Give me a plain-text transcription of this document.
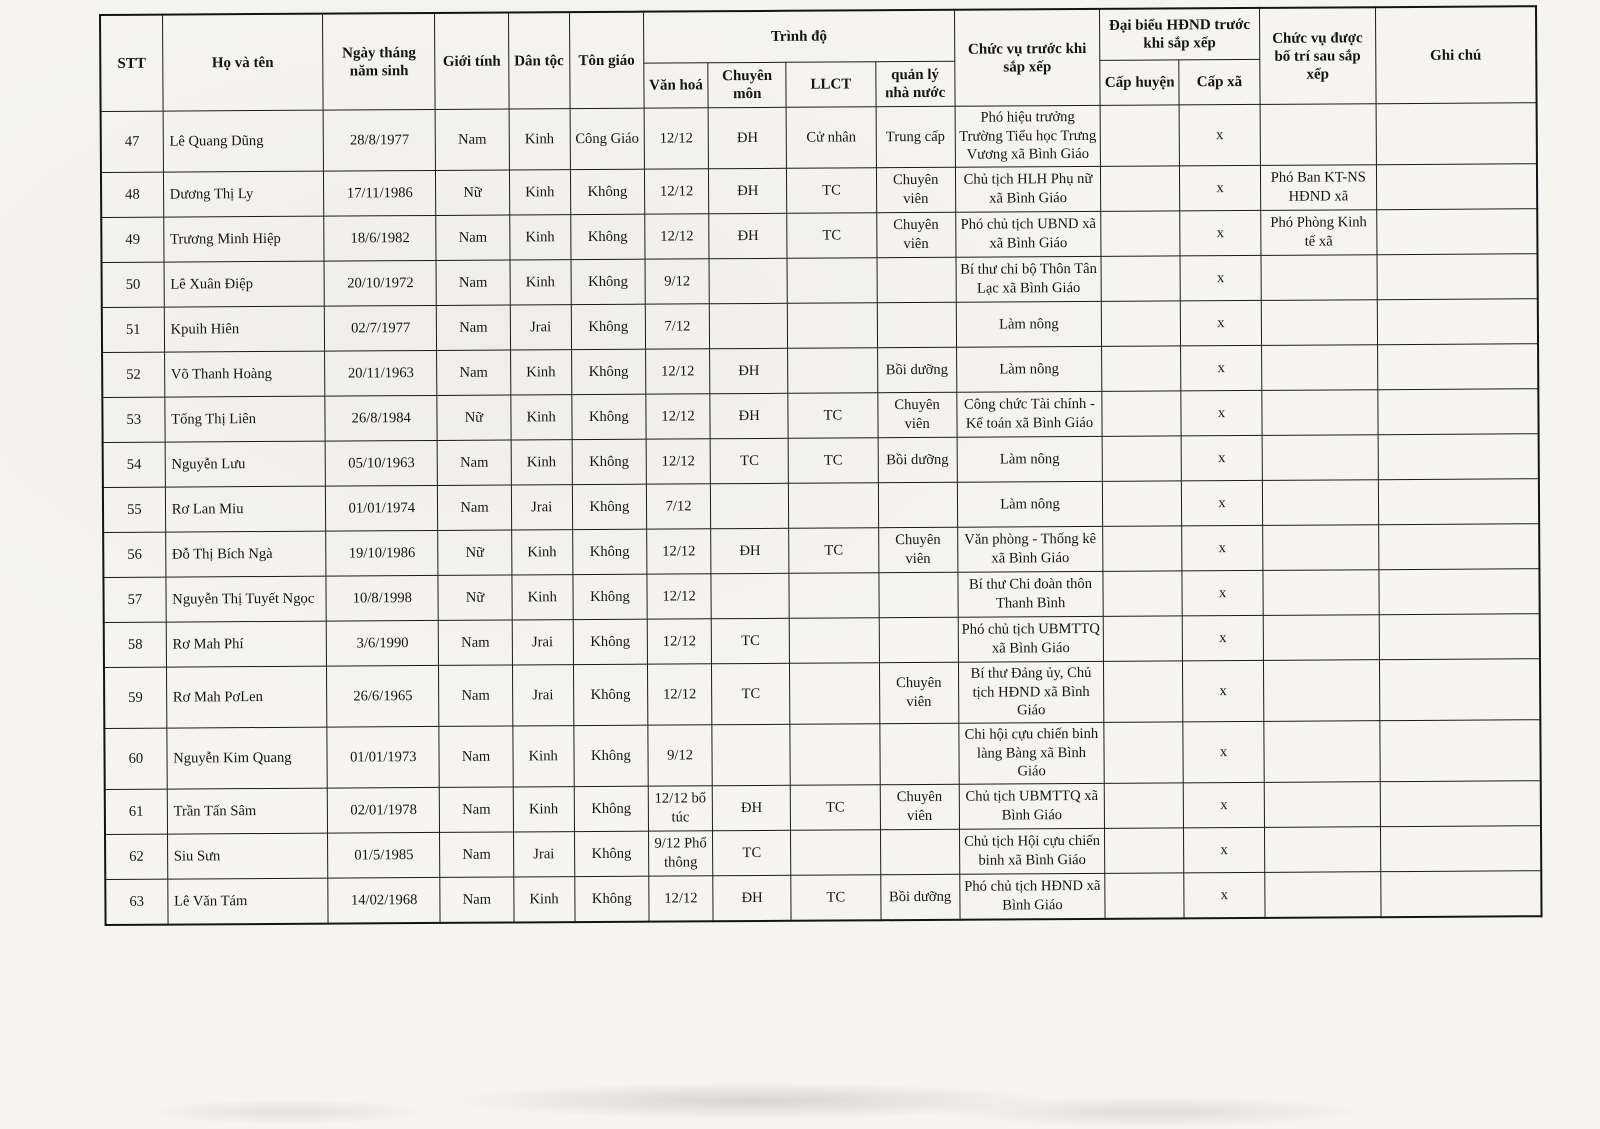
STT	Họ và tên	Ngày tháng năm sinh	Giới tính	Dân tộc	Tôn giáo	Trình độ				Chức vụ trước khi sắp xếp	Đại biểu HĐND trước khi sắp xếp		Chức vụ được bố trí sau sắp xếp	Ghi chú
						Văn hoá	Chuyên môn	LLCT	quản lý nhà nước		Cấp huyện	Cấp xã		
47	Lê Quang Dũng	28/8/1977	Nam	Kinh	Công Giáo	12/12	ĐH	Cử nhân	Trung cấp	Phó hiệu trưởng Trường Tiểu học Trưng Vương xã Bình Giáo		x		
48	Dương Thị Ly	17/11/1986	Nữ	Kinh	Không	12/12	ĐH	TC	Chuyên viên	Chủ tịch HLH Phụ nữ xã Bình Giáo		x	Phó Ban KT-NS HĐND xã	
49	Trương Minh Hiệp	18/6/1982	Nam	Kinh	Không	12/12	ĐH	TC	Chuyên viên	Phó chủ tịch UBND xã xã Bình Giáo		x	Phó Phòng Kinh tế xã	
50	Lê Xuân Điệp	20/10/1972	Nam	Kinh	Không	9/12				Bí thư chi bộ Thôn Tân Lạc xã Bình Giáo		x		
51	Kpuih Hiên	02/7/1977	Nam	Jrai	Không	7/12				Làm nông		x		
52	Võ Thanh Hoàng	20/11/1963	Nam	Kinh	Không	12/12	ĐH		Bồi dưỡng	Làm nông		x		
53	Tống Thị Liên	26/8/1984	Nữ	Kinh	Không	12/12	ĐH	TC	Chuyên viên	Công chức Tài chính - Kế toán xã Bình Giáo		x		
54	Nguyễn Lưu	05/10/1963	Nam	Kinh	Không	12/12	TC	TC	Bồi dưỡng	Làm nông		x		
55	Rơ Lan Miu	01/01/1974	Nam	Jrai	Không	7/12				Làm nông		x		
56	Đỗ Thị Bích Ngà	19/10/1986	Nữ	Kinh	Không	12/12	ĐH	TC	Chuyên viên	Văn phòng - Thống kê xã Bình Giáo		x		
57	Nguyễn Thị Tuyết Ngọc	10/8/1998	Nữ	Kinh	Không	12/12				Bí thư Chi đoàn thôn Thanh Bình		x		
58	Rơ Mah Phí	3/6/1990	Nam	Jrai	Không	12/12	TC			Phó chủ tịch UBMTTQ xã Bình Giáo		x		
59	Rơ Mah PơLen	26/6/1965	Nam	Jrai	Không	12/12	TC		Chuyên viên	Bí thư Đảng ủy, Chủ tịch HĐND xã Bình Giáo		x		
60	Nguyễn Kim Quang	01/01/1973	Nam	Kinh	Không	9/12				Chi hội cựu chiến binh làng Bàng xã Bình Giáo		x		
61	Trần Tấn Sâm	02/01/1978	Nam	Kinh	Không	12/12 bổ túc	ĐH	TC	Chuyên viên	Chủ tịch UBMTTQ xã Bình Giáo		x		
62	Siu Sưn	01/5/1985	Nam	Jrai	Không	9/12 Phổ thông	TC			Chủ tịch Hội cựu chiến binh xã Bình Giáo		x		
63	Lê Văn Tám	14/02/1968	Nam	Kinh	Không	12/12	ĐH	TC	Bồi dưỡng	Phó chủ tịch HĐND xã Bình Giáo		x		
